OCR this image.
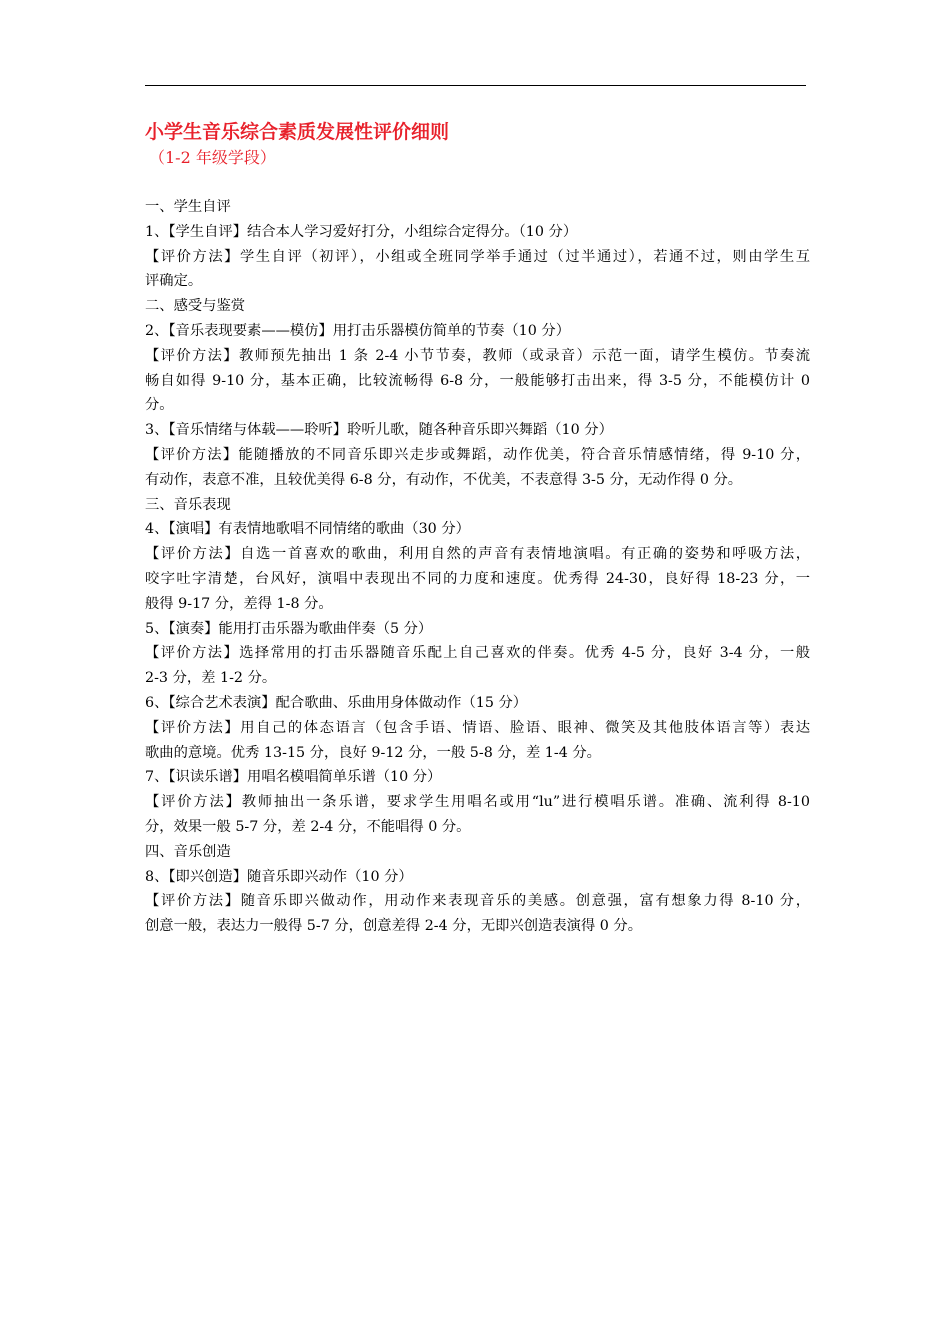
小学生音乐综合素质发展性评价细则

（1-2 年级学段）

一、学生自评

1、【学生自评】结合本人学习爱好打分，小组综合定得分。（10 分）

【评价方法】学生自评（初评），小组或全班同学举手通过（过半通过），若通不过，则由学生互

评确定。

二、感受与鉴赏

2、【音乐表现要素——模仿】用打击乐器模仿简单的节奏（10 分）

【评价方法】教师预先抽出 1 条 2-4 小节节奏，教师（或录音）示范一面，请学生模仿。节奏流

畅自如得 9-10 分，基本正确，比较流畅得 6-8 分，一般能够打击出来，得 3-5 分，不能模仿计 0

分。

3、【音乐情绪与体载——聆听】聆听儿歌，随各种音乐即兴舞蹈（10 分）

【评价方法】能随播放的不同音乐即兴走步或舞蹈，动作优美，符合音乐情感情绪，得 9-10 分，

有动作，表意不准，且较优美得 6-8 分，有动作，不优美，不表意得 3-5 分，无动作得 0 分。

三、音乐表现

4、【演唱】有表情地歌唱不同情绪的歌曲（30 分）

【评价方法】自选一首喜欢的歌曲，利用自然的声音有表情地演唱。有正确的姿势和呼吸方法，

咬字吐字清楚，台风好，演唱中表现出不同的力度和速度。优秀得 24-30，良好得 18-23 分，一

般得 9-17 分，差得 1-8 分。

5、【演奏】能用打击乐器为歌曲伴奏（5 分）

【评价方法】选择常用的打击乐器随音乐配上自己喜欢的伴奏。优秀 4-5 分，良好 3-4 分，一般

2-3 分，差 1-2 分。

6、【综合艺术表演】配合歌曲、乐曲用身体做动作（15 分）

【评价方法】用自己的体态语言（包含手语、情语、脸语、眼神、微笑及其他肢体语言等）表达

歌曲的意境。优秀 13-15 分，良好 9-12 分，一般 5-8 分，差 1-4 分。

7、【识读乐谱】用唱名模唱简单乐谱（10 分）

【评价方法】教师抽出一条乐谱，要求学生用唱名或用“lu”进行模唱乐谱。准确、流利得 8-10

分，效果一般 5-7 分，差 2-4 分，不能唱得 0 分。

四、音乐创造

8、【即兴创造】随音乐即兴动作（10 分）

【评价方法】随音乐即兴做动作，用动作来表现音乐的美感。创意强，富有想象力得 8-10 分，

创意一般，表达力一般得 5-7 分，创意差得 2-4 分，无即兴创造表演得 0 分。
